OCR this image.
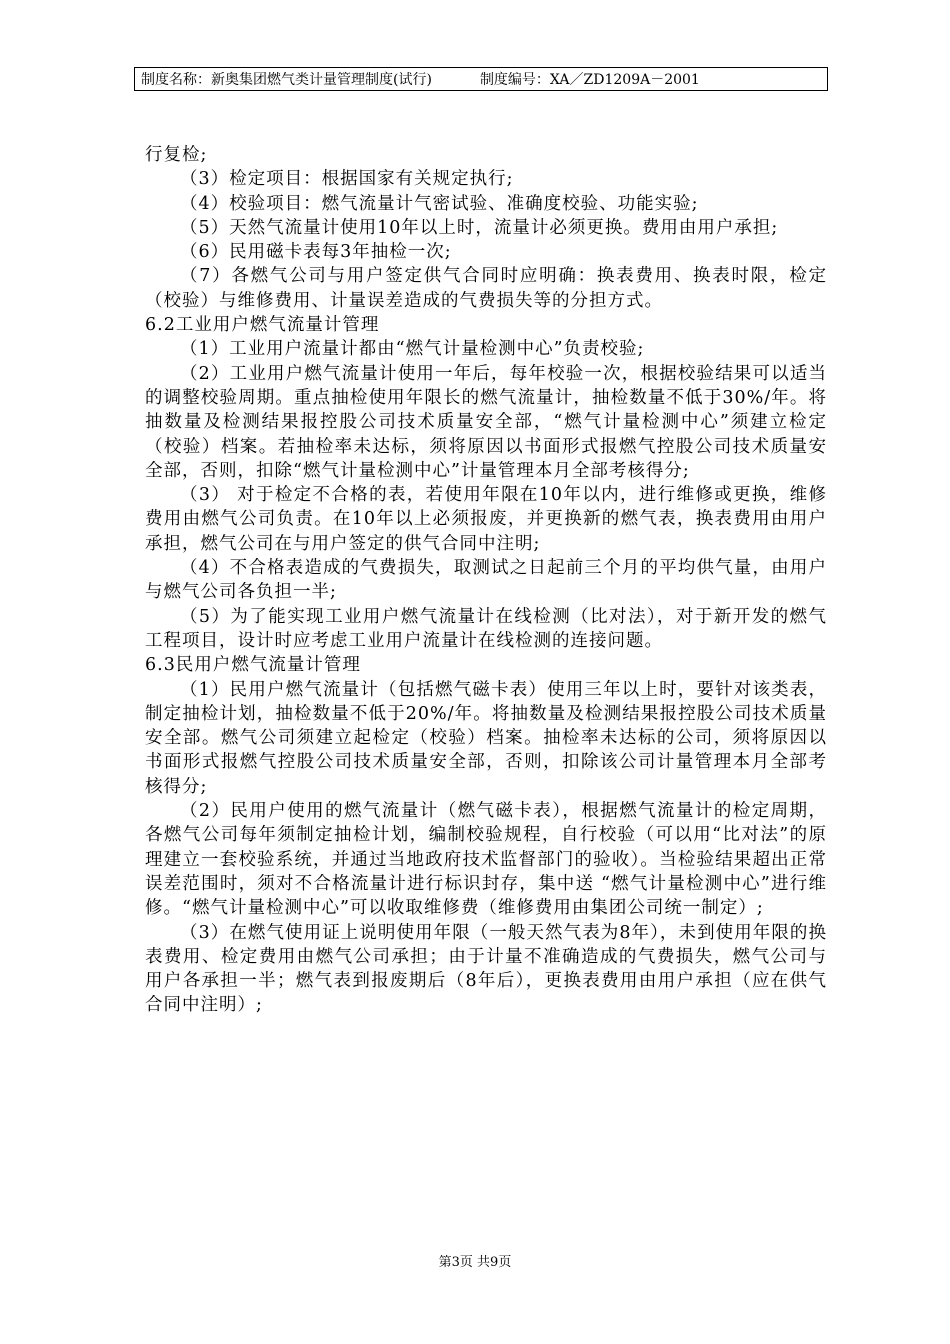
制度名称：新奥集团燃气类计量管理制度(试行)	制度编号：XA／ZD1209A－2001

行复检;

（3）检定项目：根据国家有关规定执行;

（4）校验项目：燃气流量计气密试验、准确度校验、功能实验;

（5）天然气流量计使用10年以上时，流量计必须更换。费用由用户承担;

（6）民用磁卡表每3年抽检一次;

（7）各燃气公司与用户签定供气合同时应明确：换表费用、换表时限，检定（校验）与维修费用、计量误差造成的气费损失等的分担方式。

6.2工业用户燃气流量计管理

（1）工业用户流量计都由“燃气计量检测中心”负责校验;

（2）工业用户燃气流量计使用一年后，每年校验一次，根据校验结果可以适当的调整校验周期。重点抽检使用年限长的燃气流量计，抽检数量不低于30%/年。将抽数量及检测结果报控股公司技术质量安全部，“燃气计量检测中心”须建立检定（校验）档案。若抽检率未达标，须将原因以书面形式报燃气控股公司技术质量安全部，否则，扣除“燃气计量检测中心”计量管理本月全部考核得分;

（3） 对于检定不合格的表，若使用年限在10年以内，进行维修或更换，维修费用由燃气公司负责。在10年以上必须报废，并更换新的燃气表，换表费用由用户承担，燃气公司在与用户签定的供气合同中注明;

（4）不合格表造成的气费损失，取测试之日起前三个月的平均供气量，由用户与燃气公司各负担一半;

（5）为了能实现工业用户燃气流量计在线检测（比对法），对于新开发的燃气工程项目，设计时应考虑工业用户流量计在线检测的连接问题。

6.3民用户燃气流量计管理

（1）民用户燃气流量计（包括燃气磁卡表）使用三年以上时，要针对该类表，制定抽检计划，抽检数量不低于20%/年。将抽数量及检测结果报控股公司技术质量安全部。燃气公司须建立起检定（校验）档案。抽检率未达标的公司，须将原因以书面形式报燃气控股公司技术质量安全部，否则，扣除该公司计量管理本月全部考核得分;

（2）民用户使用的燃气流量计（燃气磁卡表），根据燃气流量计的检定周期，各燃气公司每年须制定抽检计划，编制校验规程，自行校验（可以用“比对法”的原理建立一套校验系统，并通过当地政府技术监督部门的验收）。当检验结果超出正常误差范围时，须对不合格流量计进行标识封存，集中送 “燃气计量检测中心”进行维修。“燃气计量检测中心”可以收取维修费（维修费用由集团公司统一制定）;

（3）在燃气使用证上说明使用年限（一般天然气表为8年），未到使用年限的换表费用、检定费用由燃气公司承担；由于计量不准确造成的气费损失，燃气公司与用户各承担一半；燃气表到报废期后（8年后），更换表费用由用户承担（应在供气合同中注明）;

第3页 共9页
